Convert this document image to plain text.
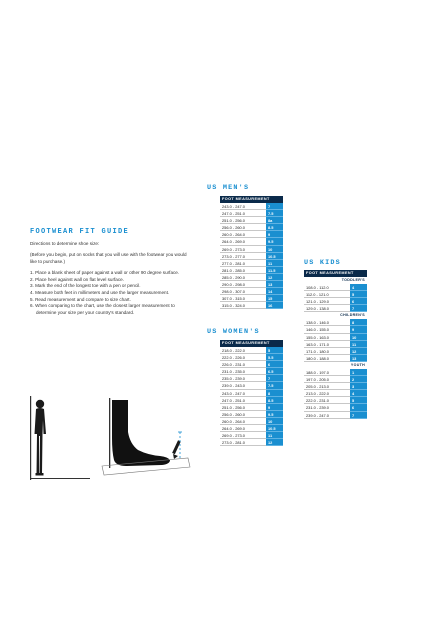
FOOTWEAR FIT GUIDE

Directions to determine shoe size:

(Before you begin, put on socks that you will use with the footwear you would like to purchase.)

1. Place a blank sheet of paper against a wall or other 90 degree surface.
2. Place heel against wall on flat level surface.
3. Mark the end of the longest toe with a pen or pencil.
4. Measure both feet in millimeters and use the larger measurement.
5. Read measurement and compare to size chart.
6. When comparing to the chart, use the closest larger measurement to determine your size per your country's standard.
US MEN'S
FOOT MEASUREMENT
243.0 - 247.0	7
247.0 - 251.0	7.5
251.0 - 256.0	8a
256.0 - 260.0	8.5
260.0 - 264.0	9
264.0 - 269.0	9.5
269.0 - 273.0	10
273.0 - 277.0	10.5
277.0 - 281.0	11
281.0 - 285.0	11.5
285.0 - 290.0	12
290.0 - 298.0	13
298.0 - 307.0	14
307.0 - 315.0	15
315.0 - 324.0	16
US WOMEN'S
FOOT MEASUREMENT
218.0 - 222.0	5
222.0 - 226.0	5.5
226.0 - 231.0	6
231.0 - 235.0	6.5
235.0 - 239.0	7
239.0 - 243.0	7.5
243.0 - 247.0	8
247.0 - 251.0	8.5
251.0 - 256.0	9
256.0 - 260.0	9.5
260.0 - 264.0	10
264.0 - 269.0	10.5
269.0 - 273.0	11
273.0 - 281.0	12
US KIDS
FOOT MEASUREMENT
TODDLER'S
108.0 - 112.0	4
112.0 - 121.0	5
121.0 - 129.0	6
129.0 - 138.0	7
CHILDREN'S
138.0 - 146.0	8
146.0 - 155.0	9
155.0 - 163.0	10
163.0 - 171.0	11
171.0 - 180.0	12
180.0 - 188.0	13
YOUTH
188.0 - 197.0	1
197.0 - 205.0	2
205.0 - 213.0	3
213.0 - 222.0	4
222.0 - 231.0	5
231.0 - 239.0	6
239.0 - 247.0	7
